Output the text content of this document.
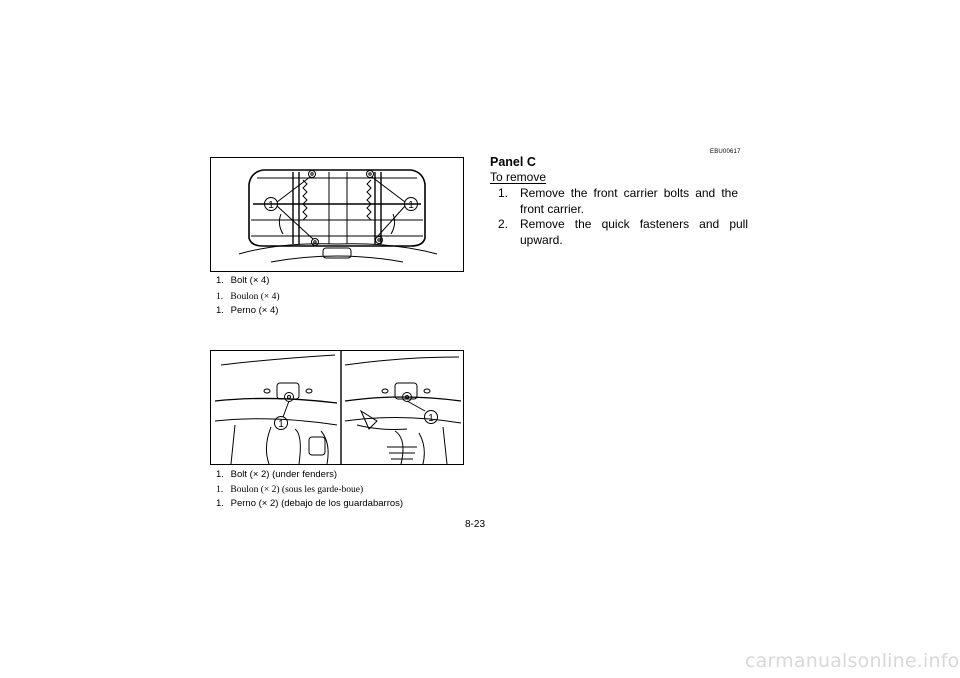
1	1
1. Bolt (× 4)
1. Boulon (× 4)
1. Perno (× 4)
1
1
1. Bolt (× 2) (under fenders)
1. Boulon (× 2) (sous les garde-boue)
1. Perno (× 2) (debajo de los guardabarros)
EBU00617
Panel C
To remove
1. Remove the front carrier bolts and the front carrier.
2. Remove the quick fasteners and pull upward.
8-23
carmanualsonline.info
